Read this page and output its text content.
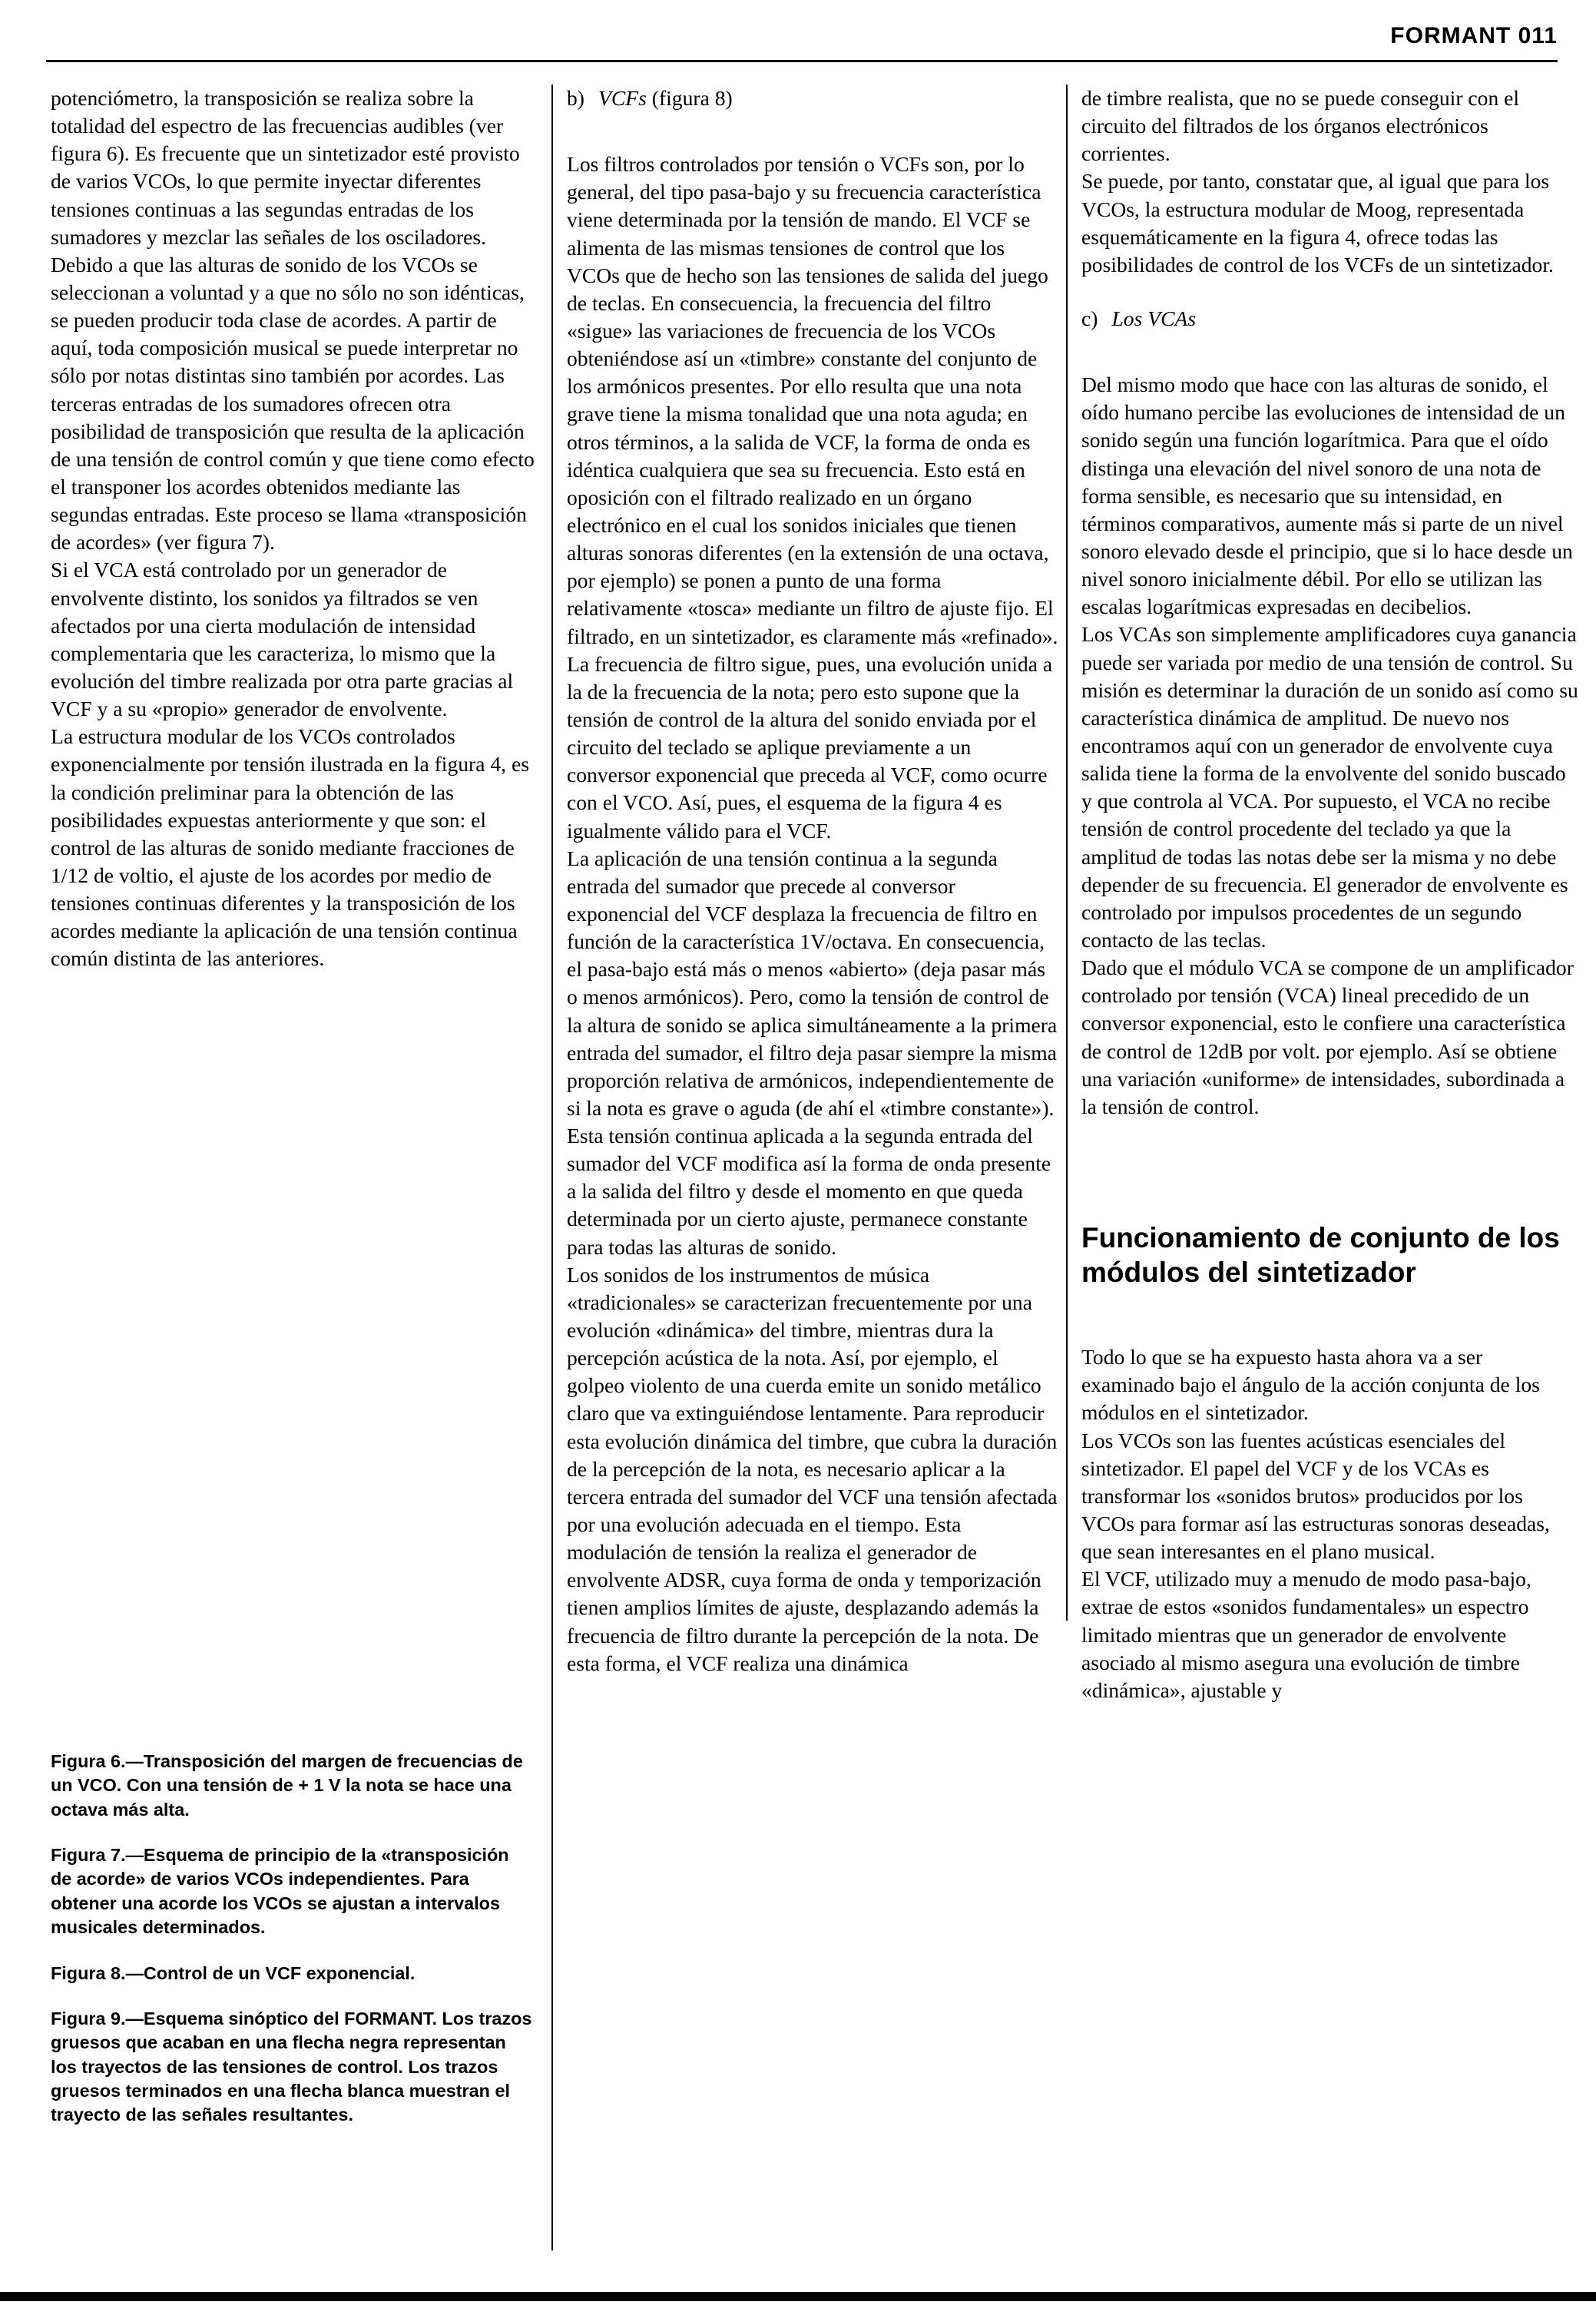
FORMANT 011

potenciómetro, la transposición se realiza sobre la totalidad del espectro de las frecuencias audibles (ver figura 6). Es frecuente que un sintetizador esté provisto de varios VCOs, lo que permite inyectar diferentes tensiones continuas a las segundas entradas de los sumadores y mezclar las señales de los osciladores. Debido a que las alturas de sonido de los VCOs se seleccionan a voluntad y a que no sólo no son idénticas, se pueden producir toda clase de acordes. A partir de aquí, toda composición musical se puede interpretar no sólo por notas distintas sino también por acordes. Las terceras entradas de los sumadores ofrecen otra posibilidad de transposición que resulta de la aplicación de una tensión de control común y que tiene como efecto el transponer los acordes obtenidos mediante las segundas entradas. Este proceso se llama «transposición de acordes» (ver figura 7).

Si el VCA está controlado por un generador de envolvente distinto, los sonidos ya filtrados se ven afectados por una cierta modulación de intensidad complementaria que les caracteriza, lo mismo que la evolución del timbre realizada por otra parte gracias al VCF y a su «propio» generador de envolvente.

La estructura modular de los VCOs controlados exponencialmente por tensión ilustrada en la figura 4, es la condición preliminar para la obtención de las posibilidades expuestas anteriormente y que son: el control de las alturas de sonido mediante fracciones de 1/12 de voltio, el ajuste de los acordes por medio de tensiones continuas diferentes y la transposición de los acordes mediante la aplicación de una tensión continua común distinta de las anteriores.

Figura 6.—Transposición del margen de frecuencias de un VCO. Con una tensión de + 1 V la nota se hace una octava más alta.

Figura 7.—Esquema de principio de la «transposición de acorde» de varios VCOs independientes. Para obtener una acorde los VCOs se ajustan a intervalos musicales determinados.

Figura 8.—Control de un VCF exponencial.

Figura 9.—Esquema sinóptico del FORMANT. Los trazos gruesos que acaban en una flecha negra representan los trayectos de las tensiones de control. Los trazos gruesos terminados en una flecha blanca muestran el trayecto de las señales resultantes.

b) VCFs (figura 8)

Los filtros controlados por tensión o VCFs son, por lo general, del tipo pasa-bajo y su frecuencia característica viene determinada por la tensión de mando. El VCF se alimenta de las mismas tensiones de control que los VCOs que de hecho son las tensiones de salida del juego de teclas. En consecuencia, la frecuencia del filtro «sigue» las variaciones de frecuencia de los VCOs obteniéndose así un «timbre» constante del conjunto de los armónicos presentes. Por ello resulta que una nota grave tiene la misma tonalidad que una nota aguda; en otros términos, a la salida de VCF, la forma de onda es idéntica cualquiera que sea su frecuencia. Esto está en oposición con el filtrado realizado en un órgano electrónico en el cual los sonidos iniciales que tienen alturas sonoras diferentes (en la extensión de una octava, por ejemplo) se ponen a punto de una forma relativamente «tosca» mediante un filtro de ajuste fijo. El filtrado, en un sintetizador, es claramente más «refinado».

La frecuencia de filtro sigue, pues, una evolución unida a la de la frecuencia de la nota; pero esto supone que la tensión de control de la altura del sonido enviada por el circuito del teclado se aplique previamente a un conversor exponencial que preceda al VCF, como ocurre con el VCO. Así, pues, el esquema de la figura 4 es igualmente válido para el VCF.

La aplicación de una tensión continua a la segunda entrada del sumador que precede al conversor exponencial del VCF desplaza la frecuencia de filtro en función de la característica 1V/octava. En consecuencia, el pasa-bajo está más o menos «abierto» (deja pasar más o menos armónicos). Pero, como la tensión de control de la altura de sonido se aplica simultáneamente a la primera entrada del sumador, el filtro deja pasar siempre la misma proporción relativa de armónicos, independientemente de si la nota es grave o aguda (de ahí el «timbre constante»).

Esta tensión continua aplicada a la segunda entrada del sumador del VCF modifica así la forma de onda presente a la salida del filtro y desde el momento en que queda determinada por un cierto ajuste, permanece constante para todas las alturas de sonido.

Los sonidos de los instrumentos de música «tradicionales» se caracterizan frecuentemente por una evolución «dinámica» del timbre, mientras dura la percepción acústica de la nota. Así, por ejemplo, el golpeo violento de una cuerda emite un sonido metálico claro que va extinguiéndose lentamente. Para reproducir esta evolución dinámica del timbre, que cubra la duración de la percepción de la nota, es necesario aplicar a la tercera entrada del sumador del VCF una tensión afectada por una evolución adecuada en el tiempo. Esta modulación de tensión la realiza el generador de envolvente ADSR, cuya forma de onda y temporización tienen amplios límites de ajuste, desplazando además la frecuencia de filtro durante la percepción de la nota. De esta forma, el VCF realiza una dinámica

de timbre realista, que no se puede conseguir con el circuito del filtrados de los órganos electrónicos corrientes.

Se puede, por tanto, constatar que, al igual que para los VCOs, la estructura modular de Moog, representada esquemáticamente en la figura 4, ofrece todas las posibilidades de control de los VCFs de un sintetizador.

c) Los VCAs

Del mismo modo que hace con las alturas de sonido, el oído humano percibe las evoluciones de intensidad de un sonido según una función logarítmica. Para que el oído distinga una elevación del nivel sonoro de una nota de forma sensible, es necesario que su intensidad, en términos comparativos, aumente más si parte de un nivel sonoro elevado desde el principio, que si lo hace desde un nivel sonoro inicialmente débil. Por ello se utilizan las escalas logarítmicas expresadas en decibelios.

Los VCAs son simplemente amplificadores cuya ganancia puede ser variada por medio de una tensión de control. Su misión es determinar la duración de un sonido así como su característica dinámica de amplitud. De nuevo nos encontramos aquí con un generador de envolvente cuya salida tiene la forma de la envolvente del sonido buscado y que controla al VCA. Por supuesto, el VCA no recibe tensión de control procedente del teclado ya que la amplitud de todas las notas debe ser la misma y no debe depender de su frecuencia. El generador de envolvente es controlado por impulsos procedentes de un segundo contacto de las teclas.

Dado que el módulo VCA se compone de un amplificador controlado por tensión (VCA) lineal precedido de un conversor exponencial, esto le confiere una característica de control de 12dB por volt. por ejemplo. Así se obtiene una variación «uniforme» de intensidades, subordinada a la tensión de control.

Funcionamiento de conjunto de los módulos del sintetizador

Todo lo que se ha expuesto hasta ahora va a ser examinado bajo el ángulo de la acción conjunta de los módulos en el sintetizador.

Los VCOs son las fuentes acústicas esenciales del sintetizador. El papel del VCF y de los VCAs es transformar los «sonidos brutos» producidos por los VCOs para formar así las estructuras sonoras deseadas, que sean interesantes en el plano musical.

El VCF, utilizado muy a menudo de modo pasa-bajo, extrae de estos «sonidos fundamentales» un espectro limitado mientras que un generador de envolvente asociado al mismo asegura una evolución de timbre «dinámica», ajustable y
